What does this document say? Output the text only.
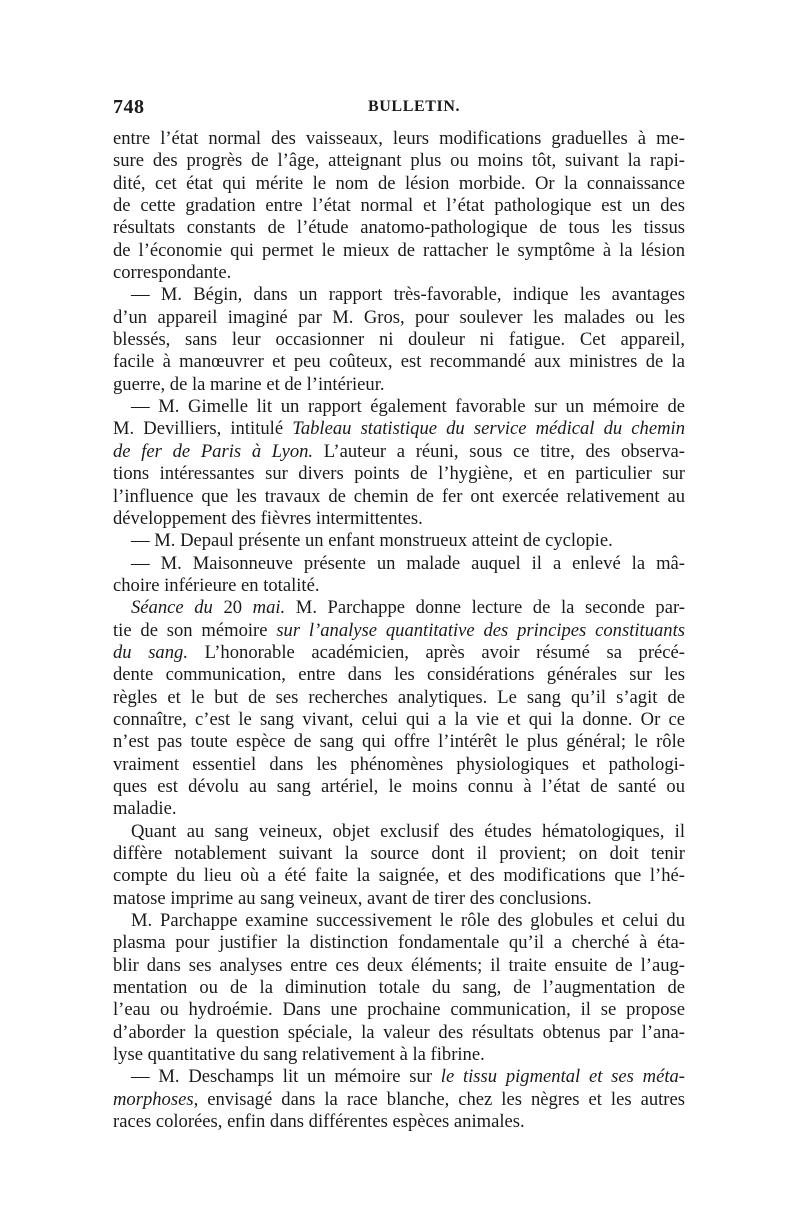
748	BULLETIN.
entre l’état normal des vaisseaux, leurs modifications graduelles à me-
sure des progrès de l’âge, atteignant plus ou moins tôt, suivant la rapi-
dité, cet état qui mérite le nom de lésion morbide. Or la connaissance
de cette gradation entre l’état normal et l’état pathologique est un des
résultats constants de l’étude anatomo-pathologique de tous les tissus
de l’économie qui permet le mieux de rattacher le symptôme à la lésion
correspondante.
— M. Bégin, dans un rapport très-favorable, indique les avantages
d’un appareil imaginé par M. Gros, pour soulever les malades ou les
blessés, sans leur occasionner ni douleur ni fatigue. Cet appareil,
facile à manœuvrer et peu coûteux, est recommandé aux ministres de la
guerre, de la marine et de l’intérieur.
— M. Gimelle lit un rapport également favorable sur un mémoire de
M. Devilliers, intitulé Tableau statistique du service médical du chemin
de fer de Paris à Lyon. L’auteur a réuni, sous ce titre, des observa-
tions intéressantes sur divers points de l’hygiène, et en particulier sur
l’influence que les travaux de chemin de fer ont exercée relativement au
développement des fièvres intermittentes.
— M. Depaul présente un enfant monstrueux atteint de cyclopie.
— M. Maisonneuve présente un malade auquel il a enlevé la mâ-
choire inférieure en totalité.
Séance du 20 mai. M. Parchappe donne lecture de la seconde par-
tie de son mémoire sur l’analyse quantitative des principes constituants
du sang. L’honorable académicien, après avoir résumé sa précé-
dente communication, entre dans les considérations générales sur les
règles et le but de ses recherches analytiques. Le sang qu’il s’agit de
connaître, c’est le sang vivant, celui qui a la vie et qui la donne. Or ce
n’est pas toute espèce de sang qui offre l’intérêt le plus général; le rôle
vraiment essentiel dans les phénomènes physiologiques et pathologi-
ques est dévolu au sang artériel, le moins connu à l’état de santé ou
maladie.
Quant au sang veineux, objet exclusif des études hématologiques, il
diffère notablement suivant la source dont il provient; on doit tenir
compte du lieu où a été faite la saignée, et des modifications que l’hé-
matose imprime au sang veineux, avant de tirer des conclusions.
M. Parchappe examine successivement le rôle des globules et celui du
plasma pour justifier la distinction fondamentale qu’il a cherché à éta-
blir dans ses analyses entre ces deux éléments; il traite ensuite de l’aug-
mentation ou de la diminution totale du sang, de l’augmentation de
l’eau ou hydroémie. Dans une prochaine communication, il se propose
d’aborder la question spéciale, la valeur des résultats obtenus par l’ana-
lyse quantitative du sang relativement à la fibrine.
— M. Deschamps lit un mémoire sur le tissu pigmental et ses méta-
morphoses, envisagé dans la race blanche, chez les nègres et les autres
races colorées, enfin dans différentes espèces animales.
